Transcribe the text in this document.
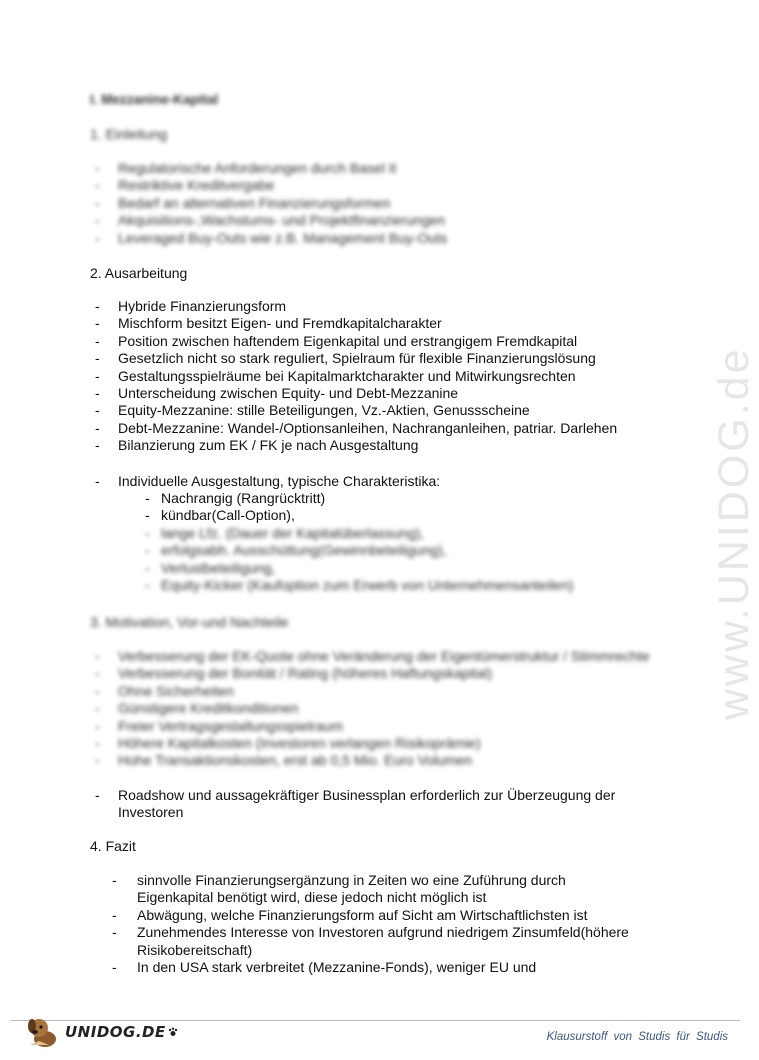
www.UNIDOG.de
I. Mezzanine-Kapital
1. Einleitung
- Regulatorische Anforderungen durch Basel II
- Restriktive Kreditvergabe
- Bedarf an alternativen Finanzierungsformen
- Akquisitions-,Wachstums- und Projektfinanzierungen
- Leveraged Buy-Outs wie z.B. Management Buy-Outs
2. Ausarbeitung
- Hybride Finanzierungsform
- Mischform besitzt Eigen- und Fremdkapitalcharakter
- Position zwischen haftendem Eigenkapital und erstrangigem Fremdkapital
- Gesetzlich nicht so stark reguliert, Spielraum für flexible Finanzierungslösung
- Gestaltungsspielräume bei Kapitalmarktcharakter und Mitwirkungsrechten
- Unterscheidung zwischen Equity- und Debt-Mezzanine
- Equity-Mezzanine: stille Beteiligungen, Vz.-Aktien, Genussscheine
- Debt-Mezzanine: Wandel-/Optionsanleihen, Nachranganleihen, patriar. Darlehen
- Bilanzierung zum EK / FK je nach Ausgestaltung
- Individuelle Ausgestaltung, typische Charakteristika:
- Nachrangig (Rangrücktritt)
- kündbar(Call-Option),
- lange Lfz. (Dauer der Kapitalüberlassung),
- erfolgsabh. Ausschüttung(Gewinnbeteiligung),
- Verlustbeteiligung,
- Equity-Kicker (Kaufoption zum Erwerb von Unternehmensanteilen)
3. Motivation, Vor-und Nachteile
- Verbesserung der EK-Quote ohne Veränderung der Eigentümerstruktur / Stimmrechte
- Verbesserung der Bonität / Rating (höheres Haftungskapital)
- Ohne Sicherheiten
- Günstigere Kreditkonditionen
- Freier Vertragsgestaltungsspielraum
- Höhere Kapitalkosten (Investoren verlangen Risikoprämie)
- Hohe Transaktionskosten, erst ab 0,5 Mio. Euro Volumen
- Roadshow und aussagekräftiger Businessplan erforderlich zur Überzeugung der Investoren
4. Fazit
- sinnvolle Finanzierungsergänzung in Zeiten wo eine Zuführung durch Eigenkapital benötigt wird, diese jedoch nicht möglich ist
- Abwägung, welche Finanzierungsform auf Sicht am Wirtschaftlichsten ist
- Zunehmendes Interesse von Investoren aufgrund niedrigem Zinsumfeld(höhere Risikobereitschaft)
- In den USA stark verbreitet (Mezzanine-Fonds), weniger EU und
UNIDOG.DE	Klausurstoff von Studis für Studis
